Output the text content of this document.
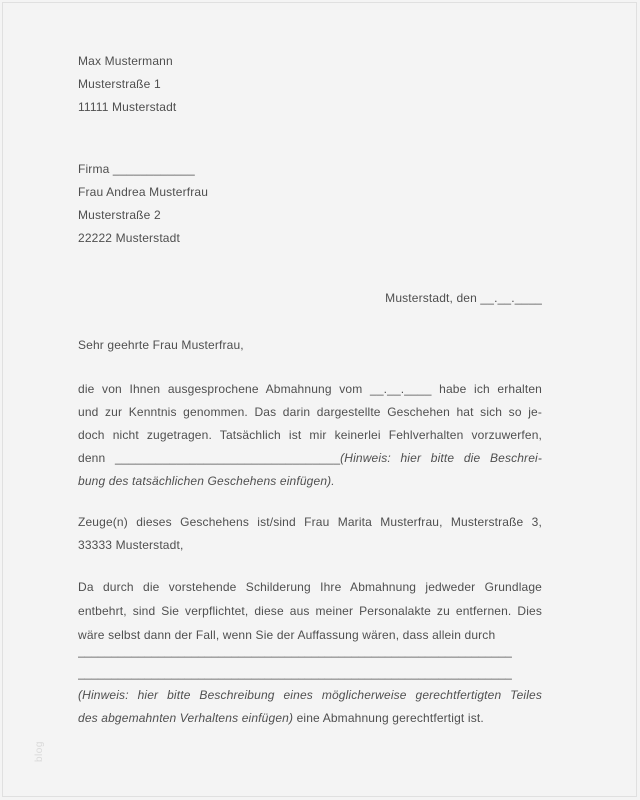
Max Mustermann
Musterstraße 1
11111 Musterstadt
Firma ____________
Frau Andrea Musterfrau
Musterstraße 2
22222 Musterstadt
Musterstadt, den __.__.____
Sehr geehrte Frau Musterfrau,
die von Ihnen ausgesprochene Abmahnung vom __.__.____ habe ich erhalten
und zur Kenntnis genommen. Das darin dargestellte Geschehen hat sich so je-
doch nicht zugetragen. Tatsächlich ist mir keinerlei Fehlverhalten vorzuwerfen,
denn _________________________________(Hinweis: hier bitte die Beschrei-
bung des tatsächlichen Geschehens einfügen).
Zeuge(n) dieses Geschehens ist/sind Frau Marita Musterfrau, Musterstraße 3,
33333 Musterstadt,
Da durch die vorstehende Schilderung Ihre Abmahnung jedweder Grundlage
entbehrt, sind Sie verpflichtet, diese aus meiner Personalakte zu entfernen. Dies
wäre selbst dann der Fall, wenn Sie der Auffassung wären, dass allein durch
_________________________________________________________________
_________________________________________________________________
(Hinweis: hier bitte Beschreibung eines möglicherweise gerechtfertigten Teiles
des abgemahnten Verhaltens einfügen) eine Abmahnung gerechtfertigt ist.
blog
